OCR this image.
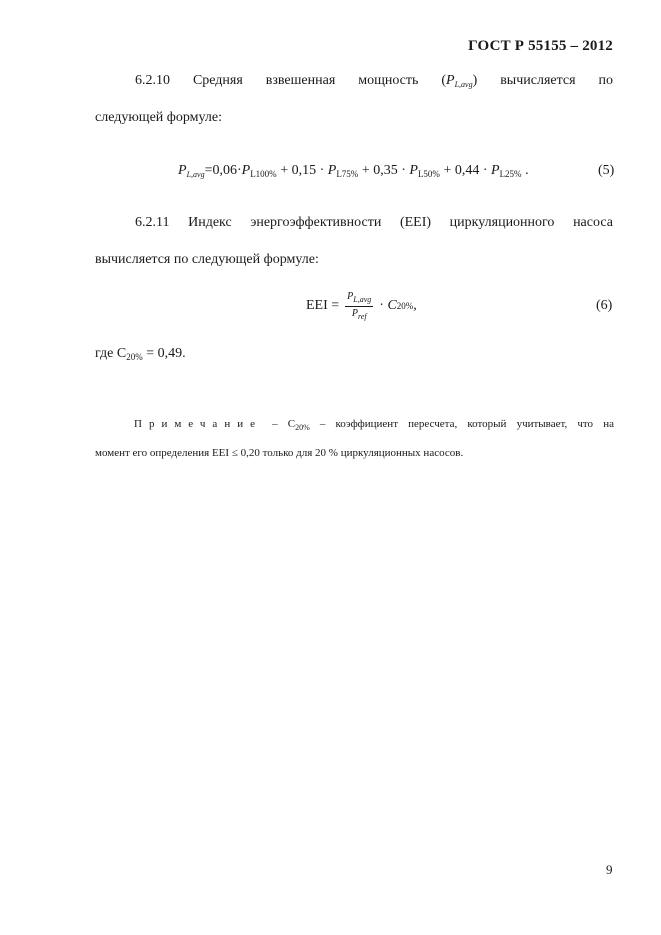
ГОСТ Р 55155 – 2012
6.2.10 Средняя взвешенная мощность $(P_{L,avg})$ вычисляется по
следующей формуле:
$P_{L,avg}=0,06\cdot P_{L100\%} + 0,15 \cdot P_{L75\%} + 0,35 \cdot P_{L50\%} + 0,44 \cdot P_{L25\%}$ .	(5)
6.2.11 Индекс энергоэффективности (EEI) циркуляционного насоса
вычисляется по следующей формуле:
EEI = $\frac{P_{L,avg}}{P_{ref}}$ ·
C 20% ,	(6)
где $C_{20\%} = 0,49$.
Примечание – $C_{20\%}$ – коэффициент пересчета, который учитывает, что на
момент его определения EEI ≤ 0,20 только для 20 % циркуляционных насосов.
9
